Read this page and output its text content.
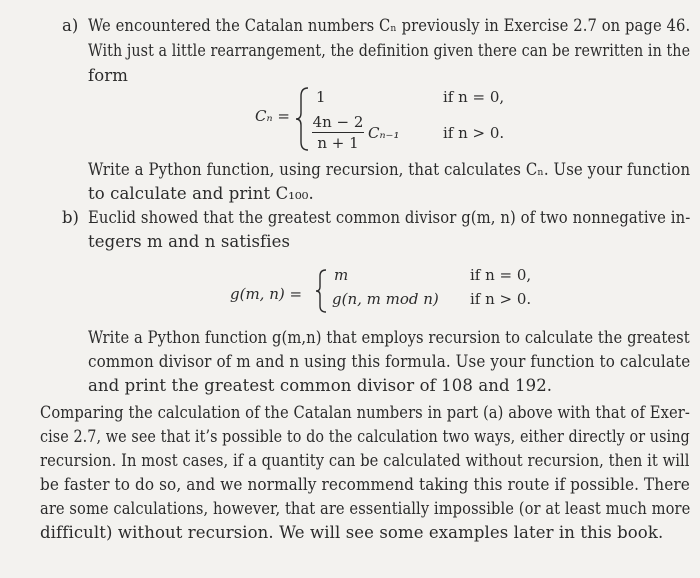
a) We encountered the Catalan numbers Cₙ previously in Exercise 2.7 on page 46.
With just a little rearrangement, the definition given there can be rewritten in the
form
Cₙ =
1	if n = 0,
4n − 2
n + 1
Cₙ₋₁	if n > 0.
Write a Python function, using recursion, that calculates Cₙ. Use your function
to calculate and print C₁₀₀.
b) Euclid showed that the greatest common divisor g(m, n) of two nonnegative in-
tegers m and n satisfies
g(m, n) =
m	if n = 0,
g(n, m mod n) if n > 0.
Write a Python function g(m,n) that employs recursion to calculate the greatest
common divisor of m and n using this formula. Use your function to calculate
and print the greatest common divisor of 108 and 192.
Comparing the calculation of the Catalan numbers in part (a) above with that of Exer-
cise 2.7, we see that it’s possible to do the calculation two ways, either directly or using
recursion. In most cases, if a quantity can be calculated without recursion, then it will
be faster to do so, and we normally recommend taking this route if possible. There
are some calculations, however, that are essentially impossible (or at least much more
difficult) without recursion. We will see some examples later in this book.
